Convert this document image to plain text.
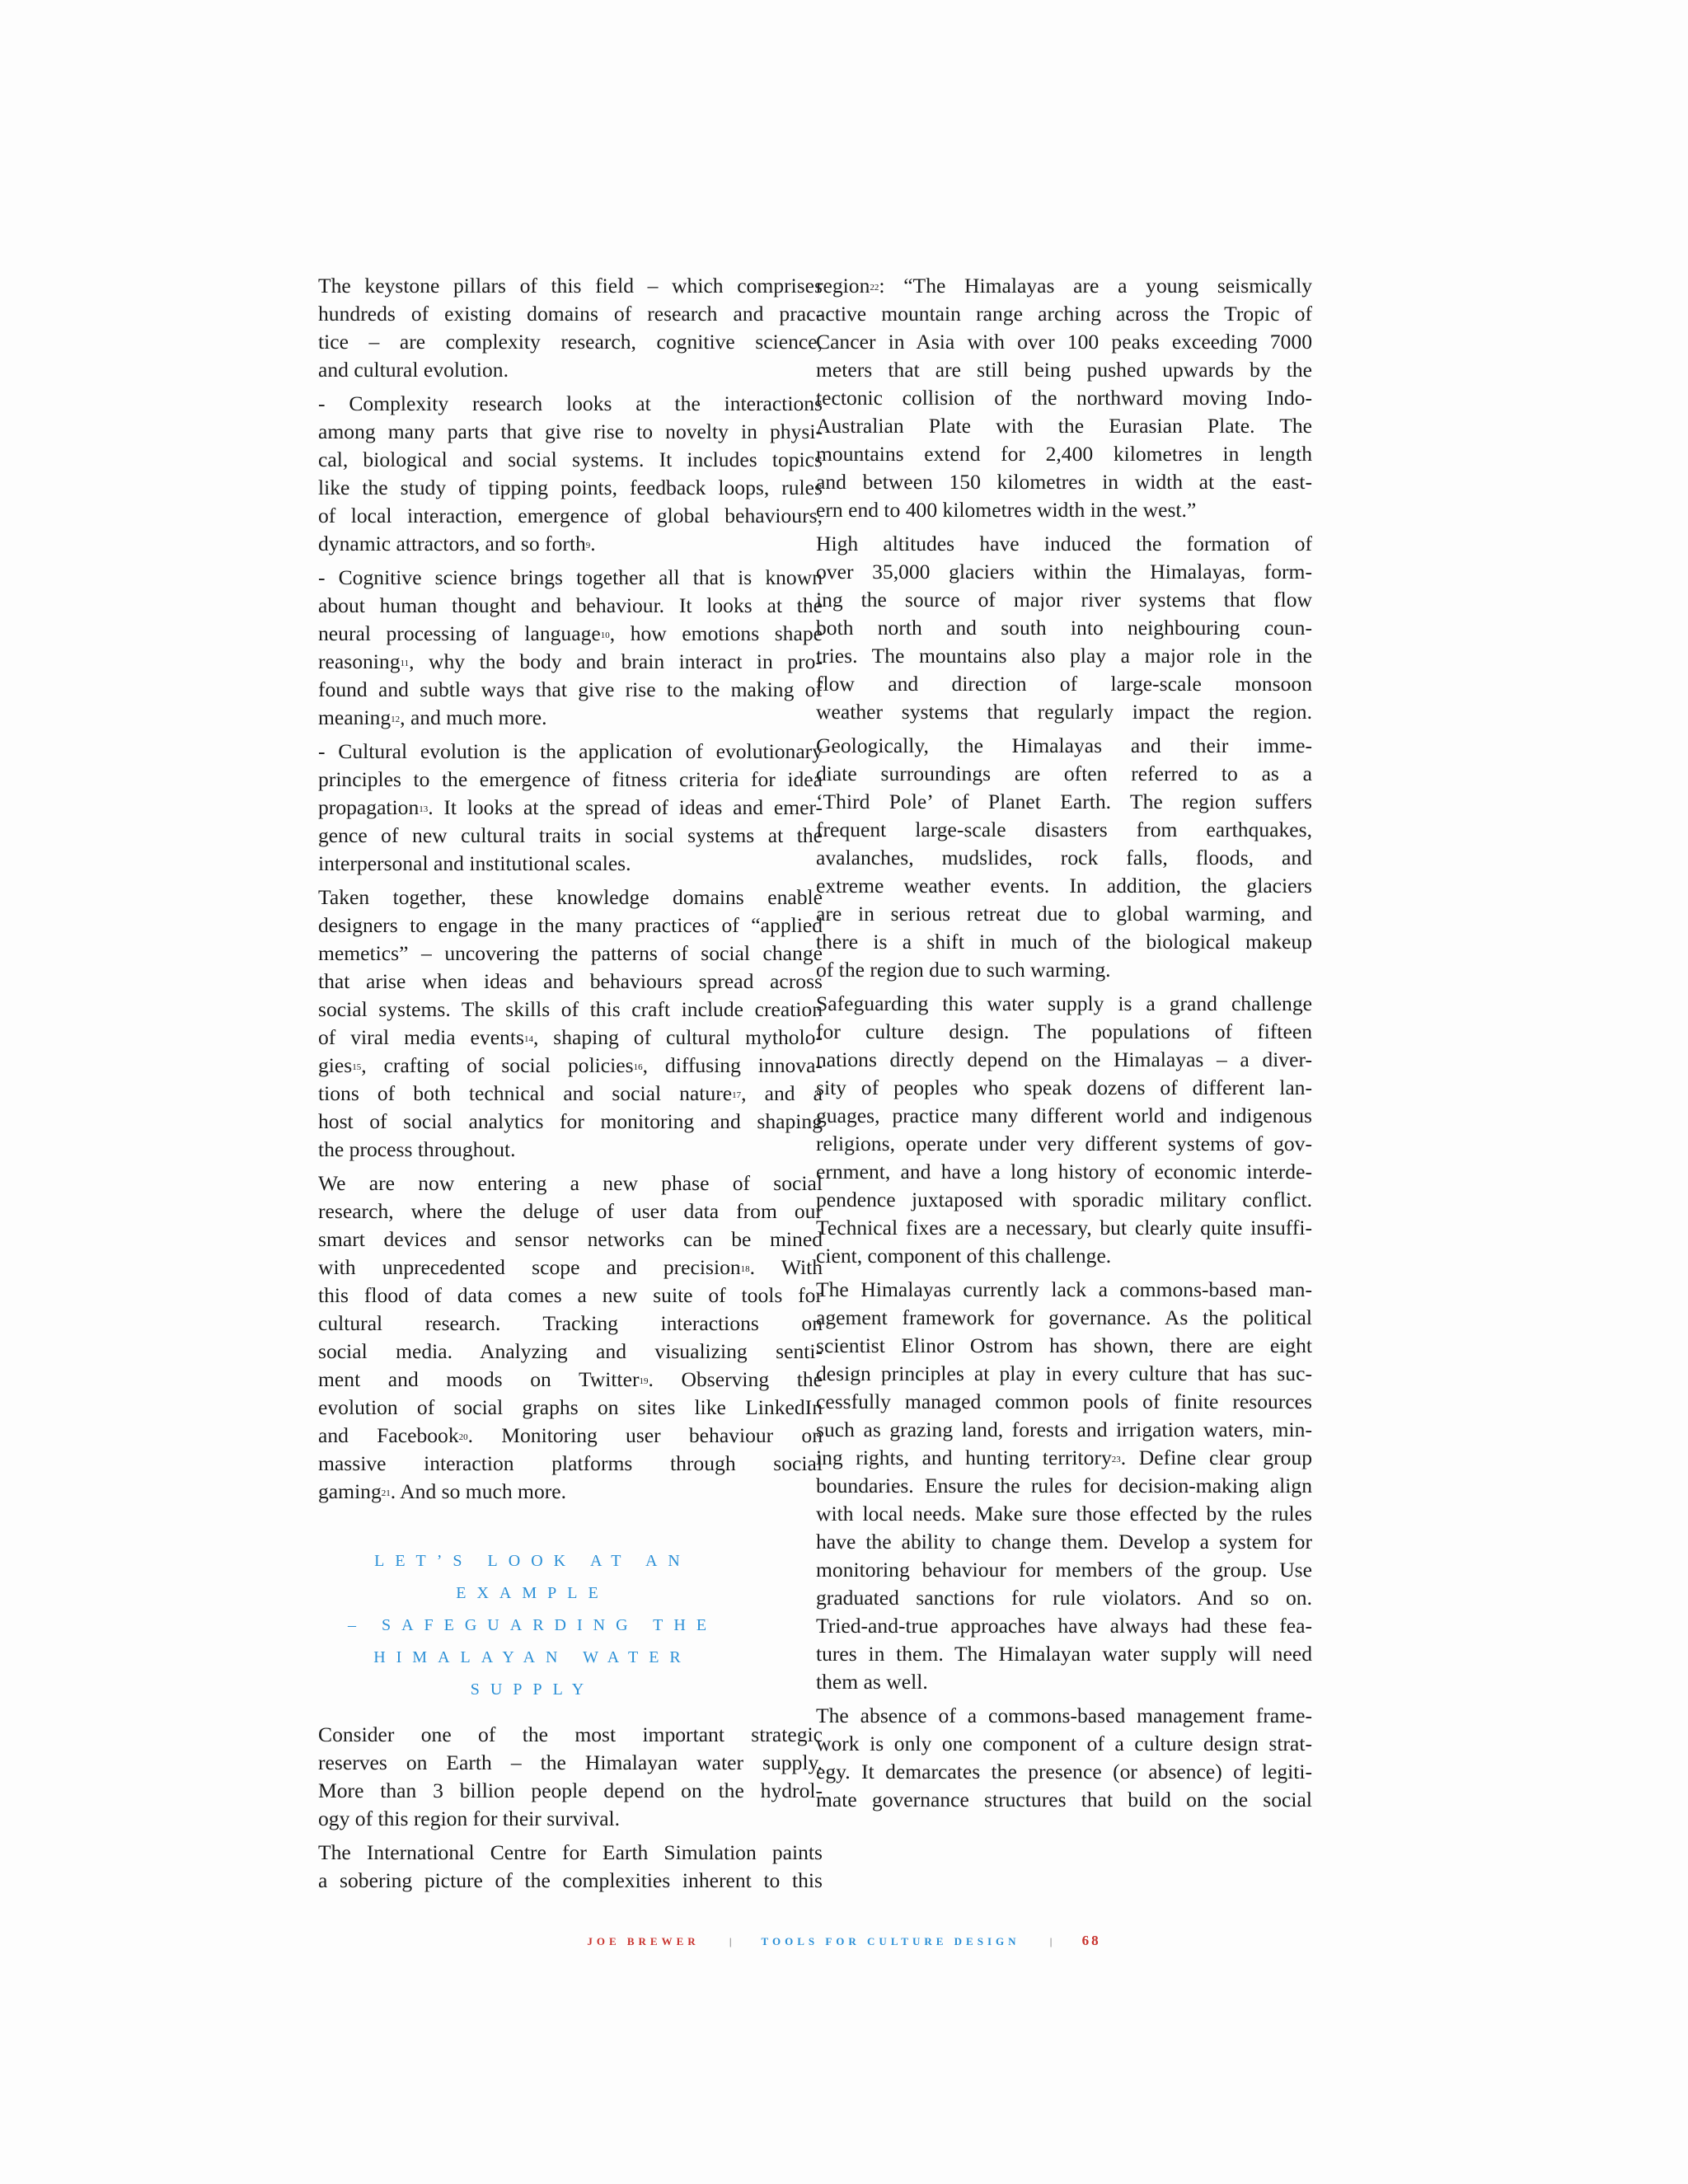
The keystone pillars of this field – which comprises
hundreds of existing domains of research and prac-
tice – are complexity research, cognitive science,
and cultural evolution.
- Complexity research looks at the interactions
among many parts that give rise to novelty in physi-
cal, biological and social systems. It includes topics
like the study of tipping points, feedback loops, rules
of local interaction, emergence of global behaviours,
dynamic attractors, and so forth$^9$.
- Cognitive science brings together all that is known
about human thought and behaviour. It looks at the
neural processing of language$^{10}$, how emotions shape
reasoning$^{11}$, why the body and brain interact in pro-
found and subtle ways that give rise to the making of
meaning$^{12}$, and much more.
- Cultural evolution is the application of evolutionary
principles to the emergence of fitness criteria for idea
propagation$^{13}$. It looks at the spread of ideas and emer-
gence of new cultural traits in social systems at the
interpersonal and institutional scales.
Taken together, these knowledge domains enable
designers to engage in the many practices of “applied
memetics” – uncovering the patterns of social change
that arise when ideas and behaviours spread across
social systems. The skills of this craft include creation
of viral media events$^{14}$, shaping of cultural mytholo-
gies$^{15}$, crafting of social policies$^{16}$, diffusing innova-
tions of both technical and social nature$^{17}$, and a
host of social analytics for monitoring and shaping
the process throughout.
We are now entering a new phase of social
research, where the deluge of user data from our
smart devices and sensor networks can be mined
with unprecedented scope and precision$^{18}$. With
this flood of data comes a new suite of tools for
cultural research. Tracking interactions on
social media. Analyzing and visualizing senti-
ment and moods on Twitter$^{19}$. Observing the
evolution of social graphs on sites like LinkedIn
and Facebook$^{20}$. Monitoring user behaviour on
massive interaction platforms through social
gaming$^{21}$. And so much more.
LET’S LOOK AT AN EXAMPLE
– SAFEGUARDING THE
HIMALAYAN WATER SUPPLY
Consider one of the most important strategic
reserves on Earth – the Himalayan water supply.
More than 3 billion people depend on the hydrol-
ogy of this region for their survival.
The International Centre for Earth Simulation paints
a sobering picture of the complexities inherent to this
region$^{22}$: “The Himalayas are a young seismically
active mountain range arching across the Tropic of
Cancer in Asia with over 100 peaks exceeding 7000
meters that are still being pushed upwards by the
tectonic collision of the northward moving Indo-
Australian Plate with the Eurasian Plate. The
mountains extend for 2,400 kilometres in length
and between 150 kilometres in width at the east-
ern end to 400 kilometres width in the west.”
High altitudes have induced the formation of
over 35,000 glaciers within the Himalayas, form-
ing the source of major river systems that flow
both north and south into neighbouring coun-
tries. The mountains also play a major role in the
flow and direction of large-scale monsoon
weather systems that regularly impact the region.
Geologically, the Himalayas and their imme-
diate surroundings are often referred to as a
‘Third Pole’ of Planet Earth. The region suffers
frequent large-scale disasters from earthquakes,
avalanches, mudslides, rock falls, floods, and
extreme weather events. In addition, the glaciers
are in serious retreat due to global warming, and
there is a shift in much of the biological makeup
of the region due to such warming.
Safeguarding this water supply is a grand challenge
for culture design. The populations of fifteen
nations directly depend on the Himalayas – a diver-
sity of peoples who speak dozens of different lan-
guages, practice many different world and indigenous
religions, operate under very different systems of gov-
ernment, and have a long history of economic interde-
pendence juxtaposed with sporadic military conflict.
Technical fixes are a necessary, but clearly quite insuffi-
cient, component of this challenge.
The Himalayas currently lack a commons-based man-
agement framework for governance. As the political
scientist Elinor Ostrom has shown, there are eight
design principles at play in every culture that has suc-
cessfully managed common pools of finite resources
such as grazing land, forests and irrigation waters, min-
ing rights, and hunting territory$^{23}$. Define clear group
boundaries. Ensure the rules for decision-making align
with local needs. Make sure those effected by the rules
have the ability to change them. Develop a system for
monitoring behaviour for members of the group. Use
graduated sanctions for rule violators. And so on.
Tried-and-true approaches have always had these fea-
tures in them. The Himalayan water supply will need
them as well.
The absence of a commons-based management frame-
work is only one component of a culture design strat-
egy. It demarcates the presence (or absence) of legiti-
mate governance structures that build on the social
JOE BREWER	|	TOOLS FOR CULTURE DESIGN	| 68
